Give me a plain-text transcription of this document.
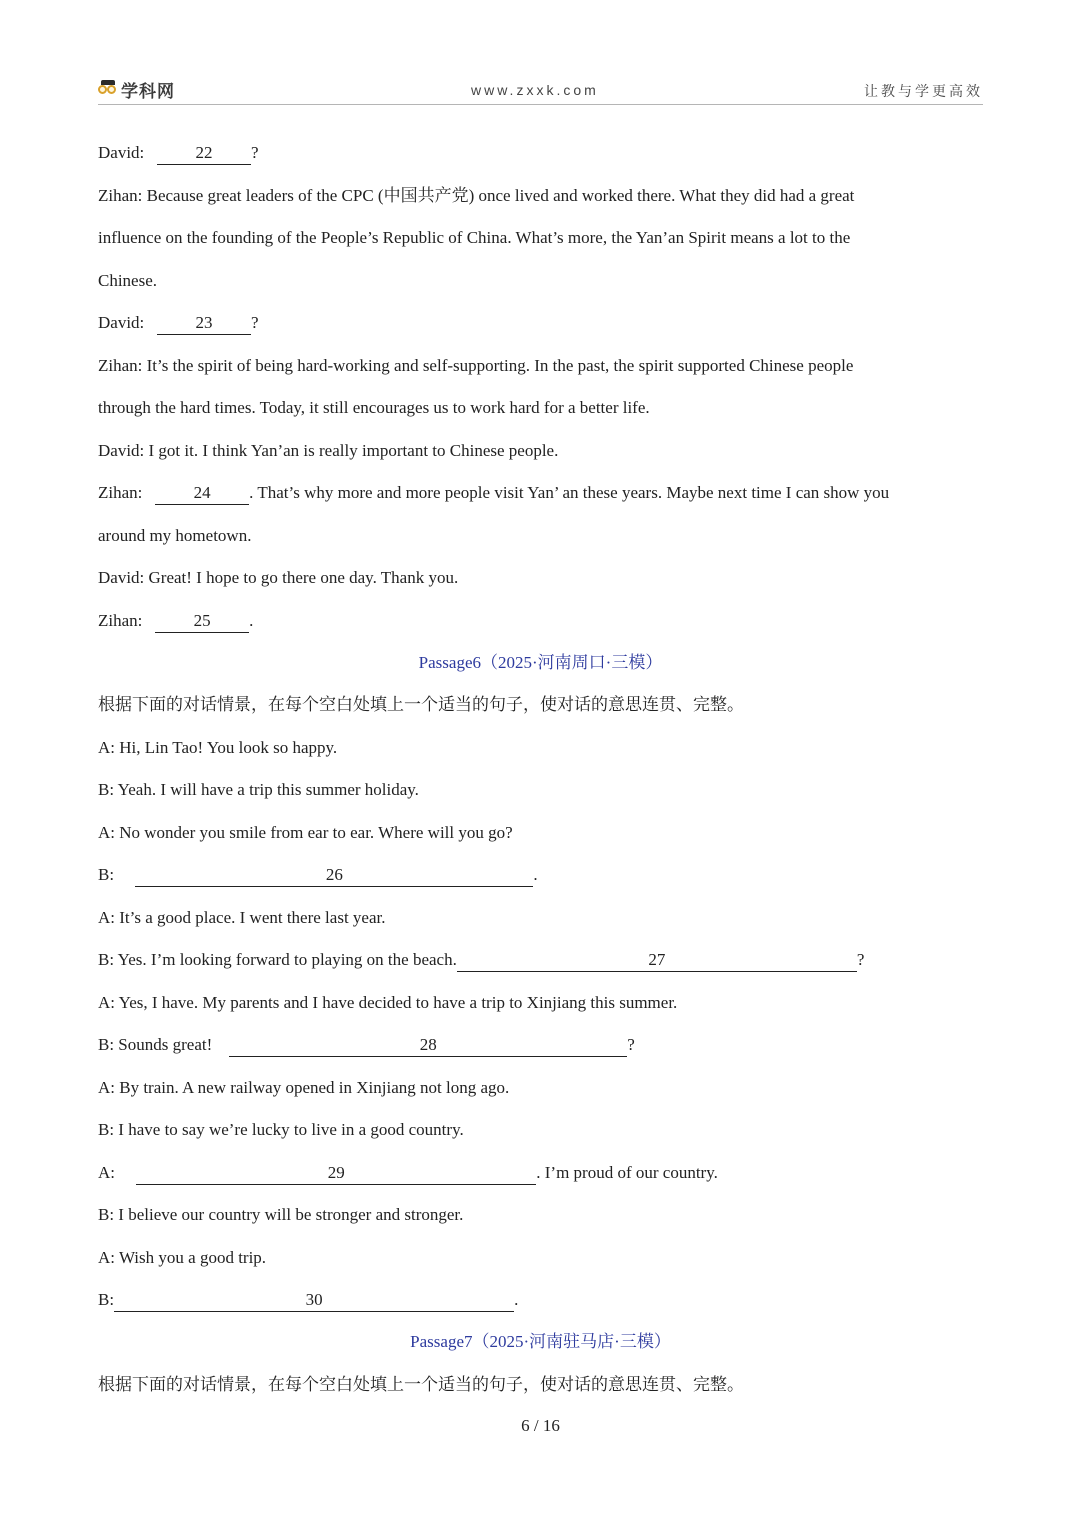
学科网	www.zxxk.com	让教与学更高效
David:	22 ?
Zihan: Because great leaders of the CPC (中国共产党) once lived and worked there. What they did had a great
influence on the founding of the People’s Republic of China. What’s more, the Yan’an Spirit means a lot to the
Chinese.
David:	23 ?
Zihan: It’s the spirit of being hard-working and self-supporting. In the past, the spirit supported Chinese people
through the hard times. Today, it still encourages us to work hard for a better life.
David: I got it. I think Yan’an is really important to Chinese people.
Zihan:	24 . That’s why more and more people visit Yan’ an these years. Maybe next time I can show you
around my hometown.
David: Great! I hope to go there one day. Thank you.
Zihan:	25 .
Passage6（2025·河南周口·三模）
根据下面的对话情景，在每个空白处填上一个适当的句子，使对话的意思连贯、完整。
A: Hi, Lin Tao! You look so happy.
B: Yeah. I will have a trip this summer holiday.
A: No wonder you smile from ear to ear. Where will you go?
B:	26	.
A: It’s a good place. I went there last year.
B: Yes. I’m looking forward to playing on the beach.	27	?
A: Yes, I have. My parents and I have decided to have a trip to Xinjiang this summer.
B: Sounds great!	28	?
A: By train. A new railway opened in Xinjiang not long ago.
B: I have to say we’re lucky to live in a good country.
A:	29	. I’m proud of our country.
B: I believe our country will be stronger and stronger.
A: Wish you a good trip.
B:	30	.
Passage7（2025·河南驻马店·三模）
根据下面的对话情景，在每个空白处填上一个适当的句子，使对话的意思连贯、完整。
6 / 16
